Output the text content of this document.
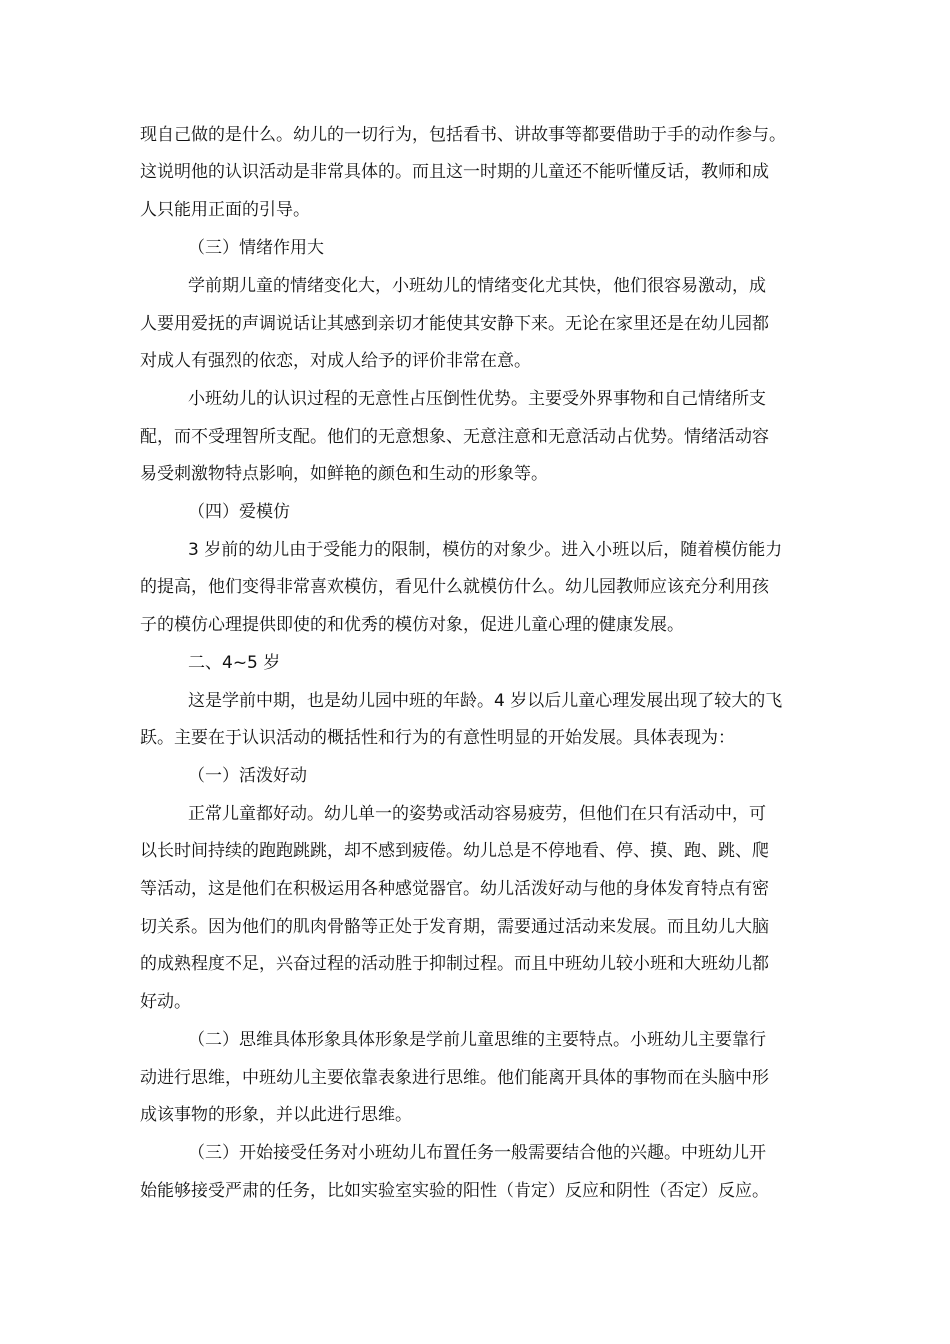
现自己做的是什么。幼儿的一切行为，包括看书、讲故事等都要借助于手的动作参与。
这说明他的认识活动是非常具体的。而且这一时期的儿童还不能听懂反话，教师和成
人只能用正面的引导。
（三）情绪作用大
学前期儿童的情绪变化大，小班幼儿的情绪变化尤其快，他们很容易激动，成
人要用爱抚的声调说话让其感到亲切才能使其安静下来。无论在家里还是在幼儿园都
对成人有强烈的依恋，对成人给予的评价非常在意。
小班幼儿的认识过程的无意性占压倒性优势。主要受外界事物和自己情绪所支
配，而不受理智所支配。他们的无意想象、无意注意和无意活动占优势。情绪活动容
易受刺激物特点影响，如鲜艳的颜色和生动的形象等。
（四）爱模仿
3 岁前的幼儿由于受能力的限制，模仿的对象少。进入小班以后，随着模仿能力
的提高，他们变得非常喜欢模仿，看见什么就模仿什么。幼儿园教师应该充分利用孩
子的模仿心理提供即使的和优秀的模仿对象，促进儿童心理的健康发展。
二、4~5 岁
这是学前中期，也是幼儿园中班的年龄。4 岁以后儿童心理发展出现了较大的飞
跃。主要在于认识活动的概括性和行为的有意性明显的开始发展。具体表现为：
（一）活泼好动
正常儿童都好动。幼儿单一的姿势或活动容易疲劳，但他们在只有活动中，可
以长时间持续的跑跑跳跳，却不感到疲倦。幼儿总是不停地看、停、摸、跑、跳、爬
等活动，这是他们在积极运用各种感觉器官。幼儿活泼好动与他的身体发育特点有密
切关系。因为他们的肌肉骨骼等正处于发育期，需要通过活动来发展。而且幼儿大脑
的成熟程度不足，兴奋过程的活动胜于抑制过程。而且中班幼儿较小班和大班幼儿都
好动。
（二）思维具体形象具体形象是学前儿童思维的主要特点。小班幼儿主要靠行
动进行思维，中班幼儿主要依靠表象进行思维。他们能离开具体的事物而在头脑中形
成该事物的形象，并以此进行思维。
（三）开始接受任务对小班幼儿布置任务一般需要结合他的兴趣。中班幼儿开
始能够接受严肃的任务，比如实验室实验的阳性（肯定）反应和阴性（否定）反应。
